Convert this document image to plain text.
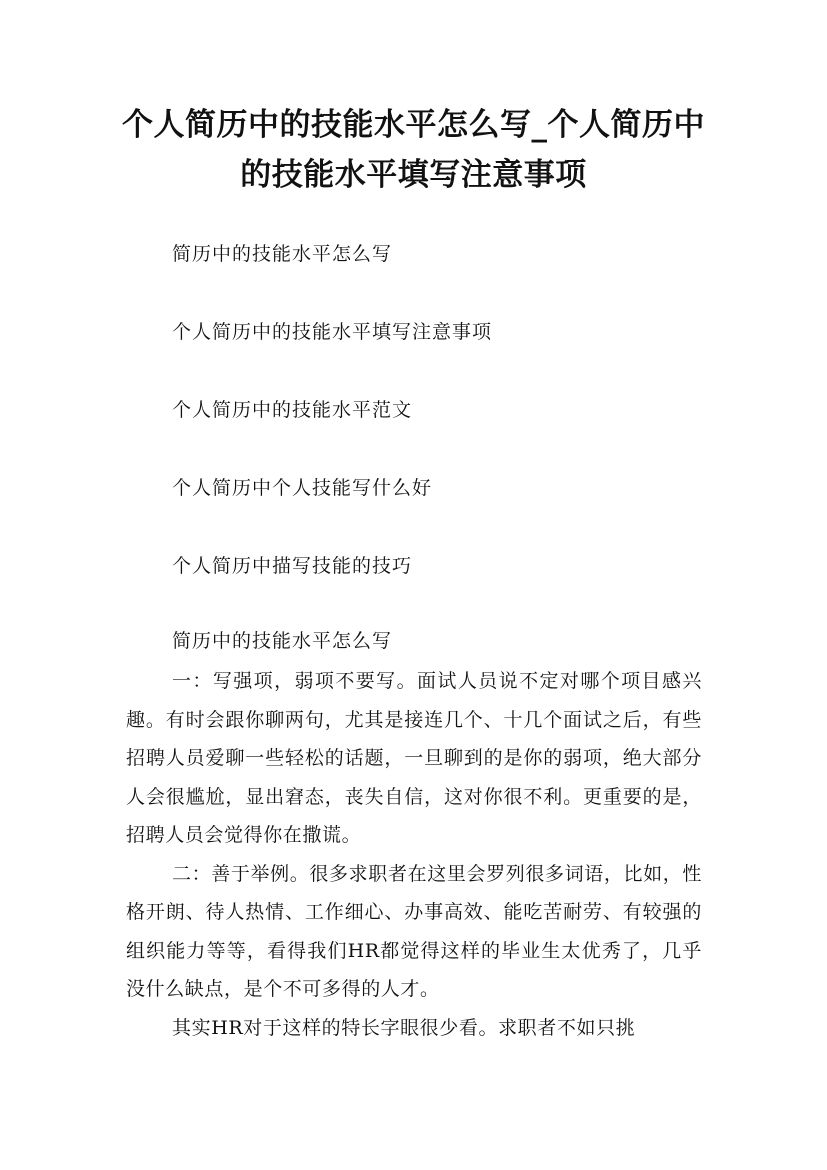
个人简历中的技能水平怎么写_个人简历中的技能水平填写注意事项
简历中的技能水平怎么写
个人简历中的技能水平填写注意事项
个人简历中的技能水平范文
个人简历中个人技能写什么好
个人简历中描写技能的技巧
简历中的技能水平怎么写

一：写强项，弱项不要写。面试人员说不定对哪个项目感兴趣。有时会跟你聊两句，尤其是接连几个、十几个面试之后，有些招聘人员爱聊一些轻松的话题，一旦聊到的是你的弱项，绝大部分人会很尴尬，显出窘态，丧失自信，这对你很不利。更重要的是，招聘人员会觉得你在撒谎。

二：善于举例。很多求职者在这里会罗列很多词语，比如，性格开朗、待人热情、工作细心、办事高效、能吃苦耐劳、有较强的组织能力等等，看得我们HR都觉得这样的毕业生太优秀了，几乎没什么缺点，是个不可多得的人才。

其实HR对于这样的特长字眼很少看。求职者不如只挑
